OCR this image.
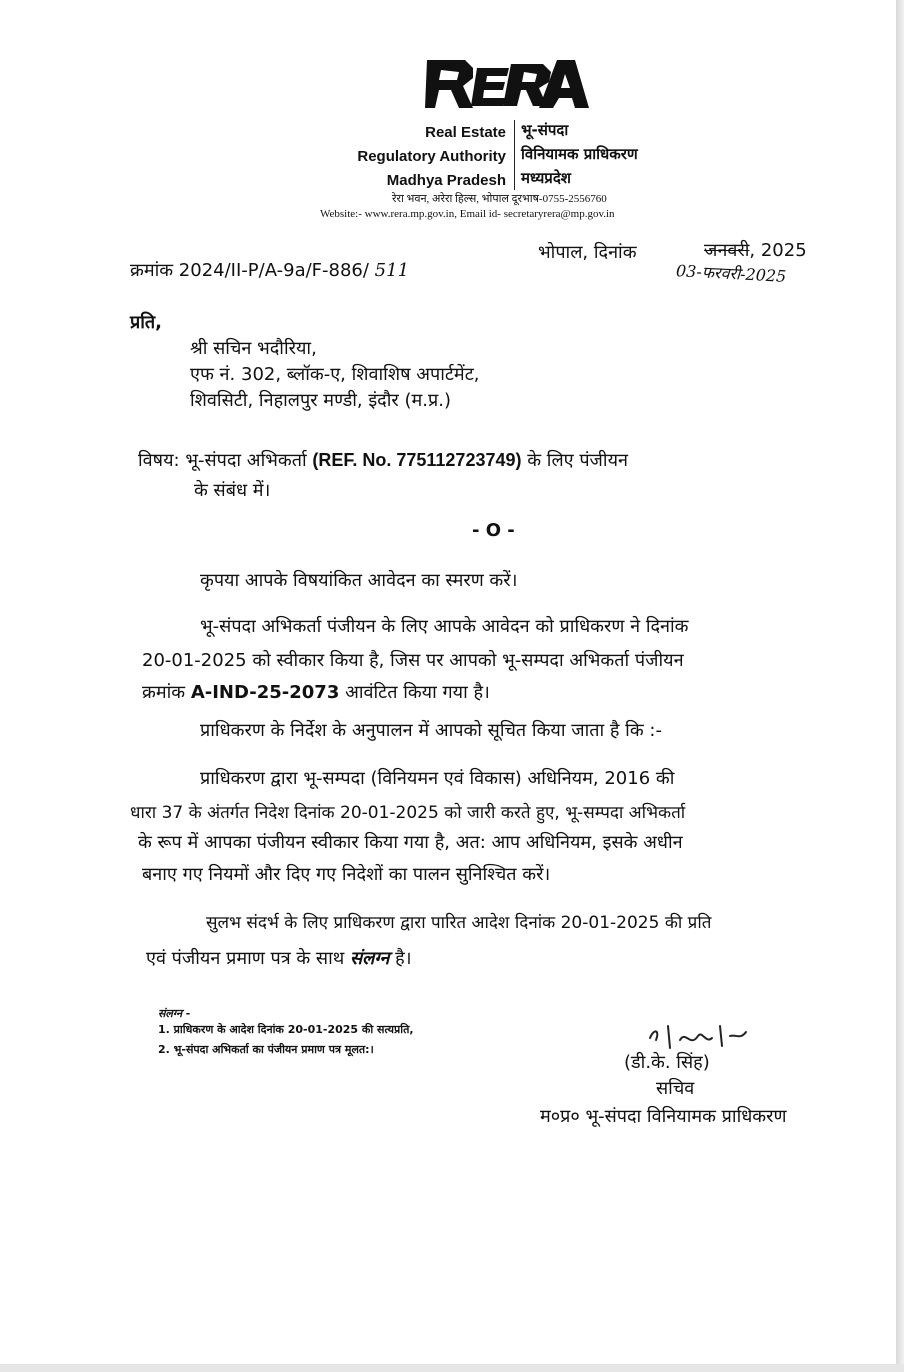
Real Estate
Regulatory Authority
Madhya Pradesh
भू-संपदा
विनियामक प्राधिकरण
मध्यप्रदेश
रेरा भवन, अरेरा हिल्स, भोपाल दूरभाष-0755-2556760
Website:- www.rera.mp.gov.in, Email id- secretaryrera@mp.gov.in
क्रमांक 2024/II-P/A-9a/F-886/ 511
भोपाल, दिनांक	जनवरी, 2025
03-फरवरी-2025
प्रति,
श्री सचिन भदौरिया,
एफ नं. 302, ब्लॉक-ए, शिवाशिष अपार्टमेंट,
शिवसिटी, निहालपुर मण्डी, इंदौर (म.प्र.)
विषय: भू-संपदा अभिकर्ता (REF. No. 775112723749) के लिए पंजीयन
के संबंध में।
- O -
कृपया आपके विषयांकित आवेदन का स्मरण करें।
भू-संपदा अभिकर्ता पंजीयन के लिए आपके आवेदन को प्राधिकरण ने दिनांक
20-01-2025 को स्वीकार किया है, जिस पर आपको भू-सम्पदा अभिकर्ता पंजीयन
क्रमांक A-IND-25-2073 आवंटित किया गया है।
प्राधिकरण के निर्देश के अनुपालन में आपको सूचित किया जाता है कि :-
प्राधिकरण द्वारा भू-सम्पदा (विनियमन एवं विकास) अधिनियम, 2016 की
धारा 37 के अंतर्गत निदेश दिनांक 20-01-2025 को जारी करते हुए, भू-सम्पदा अभिकर्ता
के रूप में आपका पंजीयन स्वीकार किया गया है, अत: आप अधिनियम, इसके अधीन
बनाए गए नियमों और दिए गए निदेशों का पालन सुनिश्चित करें।
सुलभ संदर्भ के लिए प्राधिकरण द्वारा पारित आदेश दिनांक 20-01-2025 की प्रति
एवं पंजीयन प्रमाण पत्र के साथ संलग्न है।
संलग्न -
1. प्राधिकरण के आदेश दिनांक 20-01-2025 की सत्यप्रति,
2. भू-संपदा अभिकर्ता का पंजीयन प्रमाण पत्र मूलत:।
(डी.के. सिंह)
सचिव
म०प्र० भू-संपदा विनियामक प्राधिकरण
